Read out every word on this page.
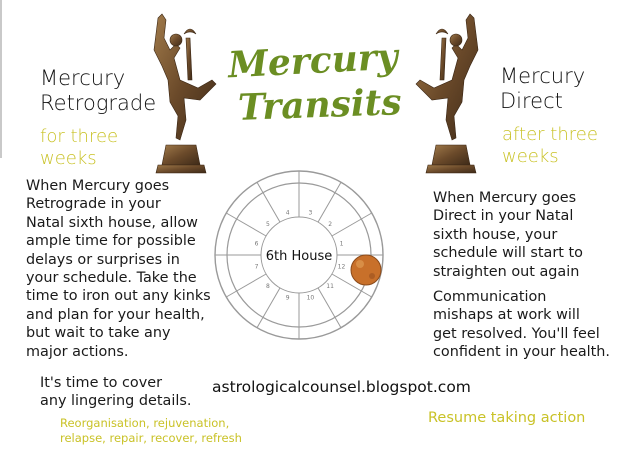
Mercury
Transits
Mercury
Retrograde
for three
weeks
When Mercury goes
Retrograde in your
Natal sixth house, allow
ample time for possible
delays or surprises in
your schedule. Take the
time to iron out any kinks
and plan for your health,
but wait to take any
major actions.
It's time to cover
any lingering details.
Reorganisation, rejuvenation,
relapse, repair, recover, refresh
Mercury
Direct
after three
weeks
When Mercury goes
Direct in your Natal
sixth house, your
schedule will start to
straighten out again
Communication
mishaps at work will
get resolved. You'll feel
confident in your health.
Resume taking action
astrologicalcounsel.blogspot.com
1
2
3
4
5
6
7
8
9	10
11
12
6th House
